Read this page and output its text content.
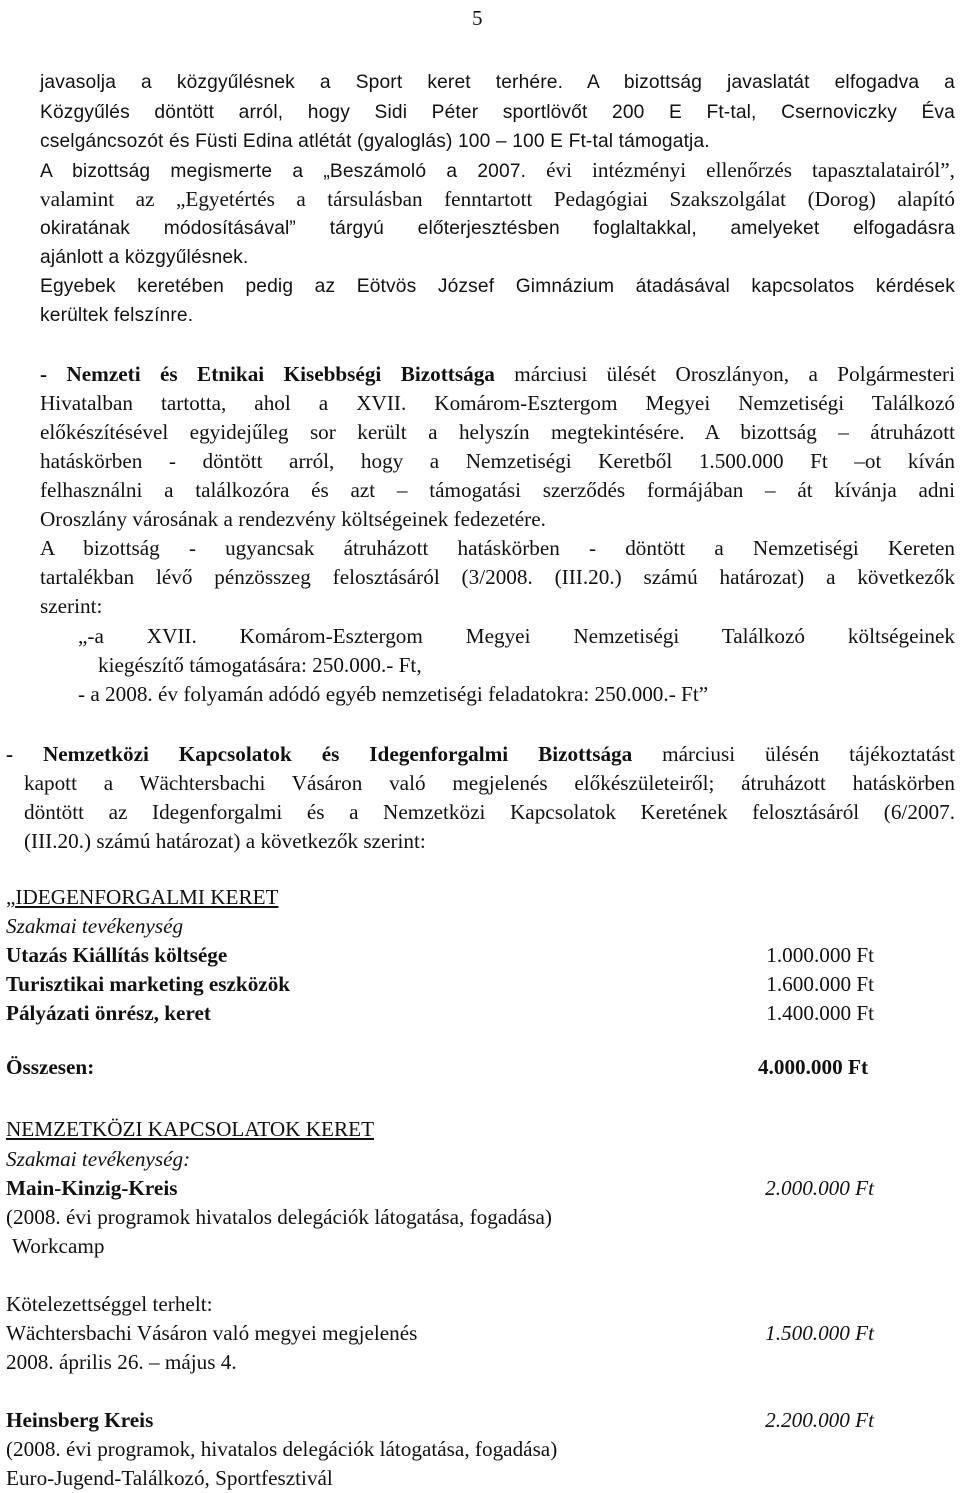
5
javasolja a közgyűlésnek a Sport keret terhére. A bizottság javaslatát elfogadva a
Közgyűlés döntött arról, hogy Sidi Péter sportlövőt 200 E Ft-tal, Csernoviczky Éva
cselgáncsozót és Füsti Edina atlétát (gyaloglás) 100 – 100 E Ft-tal támogatja.
A bizottság megismerte a „Beszámoló a 2007. évi intézményi ellenőrzés tapasztalatairól”,
valamint az „Egyetértés a társulásban fenntartott Pedagógiai Szakszolgálat (Dorog) alapító
okiratának módosításával” tárgyú előterjesztésben foglaltakkal, amelyeket elfogadásra
ajánlott a közgyűlésnek.
Egyebek keretében pedig az Eötvös József Gimnázium átadásával kapcsolatos kérdések
kerültek felszínre.
- Nemzeti és Etnikai Kisebbségi Bizottsága márciusi ülését Oroszlányon, a Polgármesteri
Hivatalban tartotta, ahol a XVII. Komárom-Esztergom Megyei Nemzetiségi Találkozó
előkészítésével egyidejűleg sor került a helyszín megtekintésére. A bizottság – átruházott
hatáskörben - döntött arról, hogy a Nemzetiségi Keretből 1.500.000 Ft –ot kíván
felhasználni a találkozóra és azt – támogatási szerződés formájában – át kívánja adni
Oroszlány városának a rendezvény költségeinek fedezetére.
A bizottság - ugyancsak átruházott hatáskörben - döntött a Nemzetiségi Kereten
tartalékban lévő pénzösszeg felosztásáról (3/2008. (III.20.) számú határozat) a következők
szerint:
„-a XVII. Komárom-Esztergom Megyei Nemzetiségi Találkozó költségeinek
kiegészítő támogatására: 250.000.- Ft,
- a 2008. év folyamán adódó egyéb nemzetiségi feladatokra: 250.000.- Ft”
- Nemzetközi Kapcsolatok és Idegenforgalmi Bizottsága márciusi ülésén tájékoztatást
kapott a Wächtersbachi Vásáron való megjelenés előkészületeiről; átruházott hatáskörben
döntött az Idegenforgalmi és a Nemzetközi Kapcsolatok Keretének felosztásáról (6/2007.
(III.20.) számú határozat) a következők szerint:
„IDEGENFORGALMI KERET
Szakmai tevékenység
Utazás Kiállítás költsége	1.000.000 Ft
Turisztikai marketing eszközök	1.600.000 Ft
Pályázati önrész, keret	1.400.000 Ft
Összesen:	4.000.000 Ft
NEMZETKÖZI KAPCSOLATOK KERET
Szakmai tevékenység:
Main-Kinzig-Kreis	2.000.000 Ft
(2008. évi programok hivatalos delegációk látogatása, fogadása)
Workcamp
Kötelezettséggel terhelt:
Wächtersbachi Vásáron való megyei megjelenés	1.500.000 Ft
2008. április 26. – május 4.
Heinsberg Kreis	2.200.000 Ft
(2008. évi programok, hivatalos delegációk látogatása, fogadása)
Euro-Jugend-Találkozó, Sportfesztivál
